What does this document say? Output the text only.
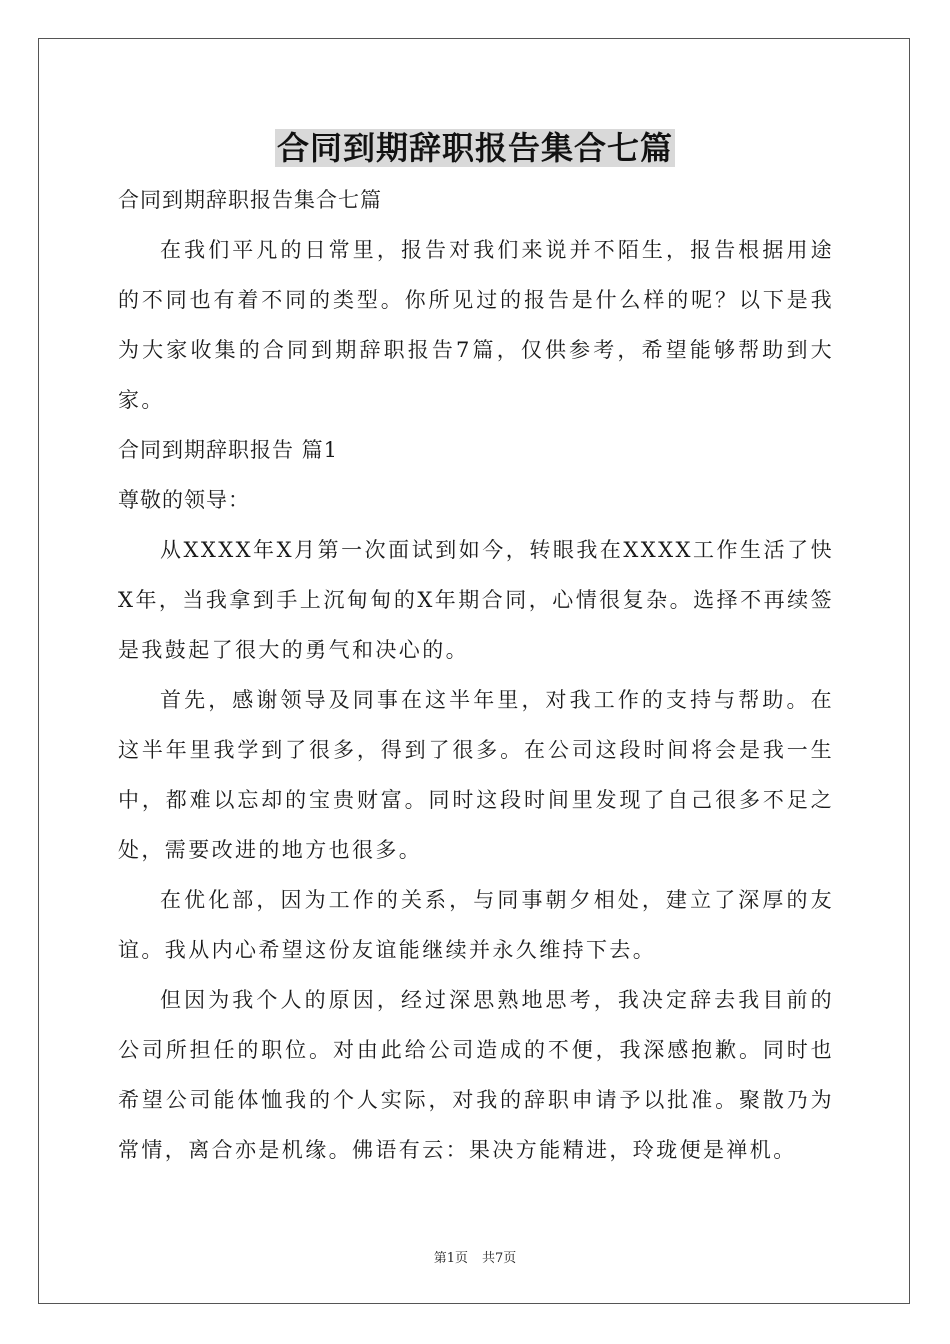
合同到期辞职报告集合七篇

合同到期辞职报告集合七篇

在我们平凡的日常里，报告对我们来说并不陌生，报告根据用途的不同也有着不同的类型。你所见过的报告是什么样的呢？以下是我为大家收集的合同到期辞职报告7篇，仅供参考，希望能够帮助到大家。

合同到期辞职报告 篇1

尊敬的领导：

从XXXX年X月第一次面试到如今，转眼我在XXXX工作生活了快X年，当我拿到手上沉甸甸的X年期合同，心情很复杂。选择不再续签是我鼓起了很大的勇气和决心的。

首先，感谢领导及同事在这半年里，对我工作的支持与帮助。在这半年里我学到了很多，得到了很多。在公司这段时间将会是我一生中，都难以忘却的宝贵财富。同时这段时间里发现了自己很多不足之处，需要改进的地方也很多。

在优化部，因为工作的关系，与同事朝夕相处，建立了深厚的友谊。我从内心希望这份友谊能继续并永久维持下去。

但因为我个人的原因，经过深思熟地思考，我决定辞去我目前的公司所担任的职位。对由此给公司造成的不便，我深感抱歉。同时也希望公司能体恤我的个人实际，对我的辞职申请予以批准。聚散乃为常情，离合亦是机缘。佛语有云：果决方能精进，玲珑便是禅机。

第1页 共7页
